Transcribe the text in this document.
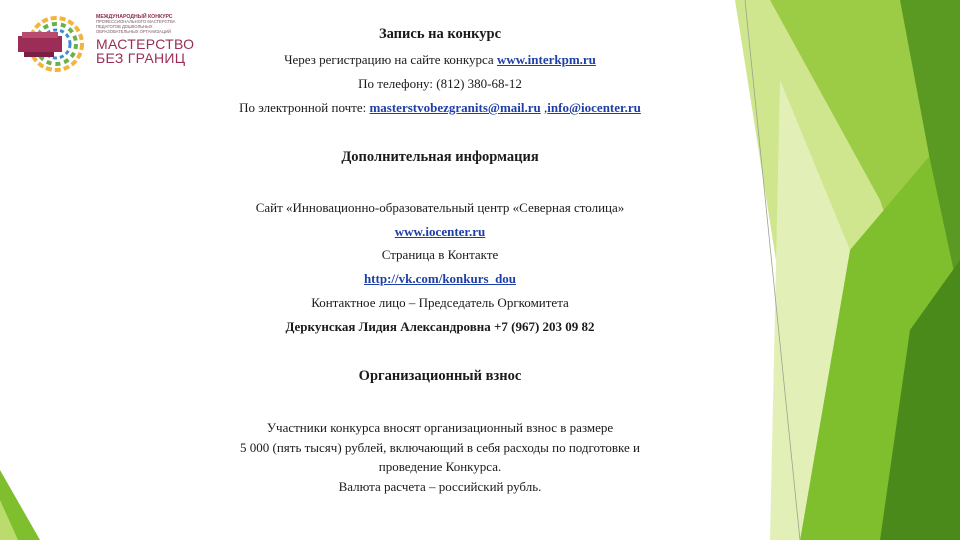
МЕЖДУНАРОДНЫЙ КОНКУРС
ПРОФЕССИОНАЛЬНОГО МАСТЕРСТВА
ПЕДАГОГОВ ДОШКОЛЬНЫХ
ОБРАЗОВАТЕЛЬНЫХ ОРГАНИЗАЦИЙ
МАСТЕРСТВО
БЕЗ ГРАНИЦ
Запись на конкурс
Через регистрацию на сайте конкурса www.interkpm.ru
По телефону: (812) 380-68-12
По электронной почте: masterstvobezgranits@mail.ru ,info@iocenter.ru
Дополнительная информация
Сайт «Инновационно-образовательный центр «Северная столица»
www.iocenter.ru
Страница в Контакте
http://vk.com/konkurs_dou
Контактное лицо – Председатель Оргкомитета
Деркунская Лидия Александровна +7 (967) 203 09 82
Организационный взнос
Участники конкурса вносят организационный взнос в размере
5 000 (пять тысяч) рублей, включающий в себя расходы по подготовке и
проведение Конкурса.
Валюта расчета – российский рубль.
